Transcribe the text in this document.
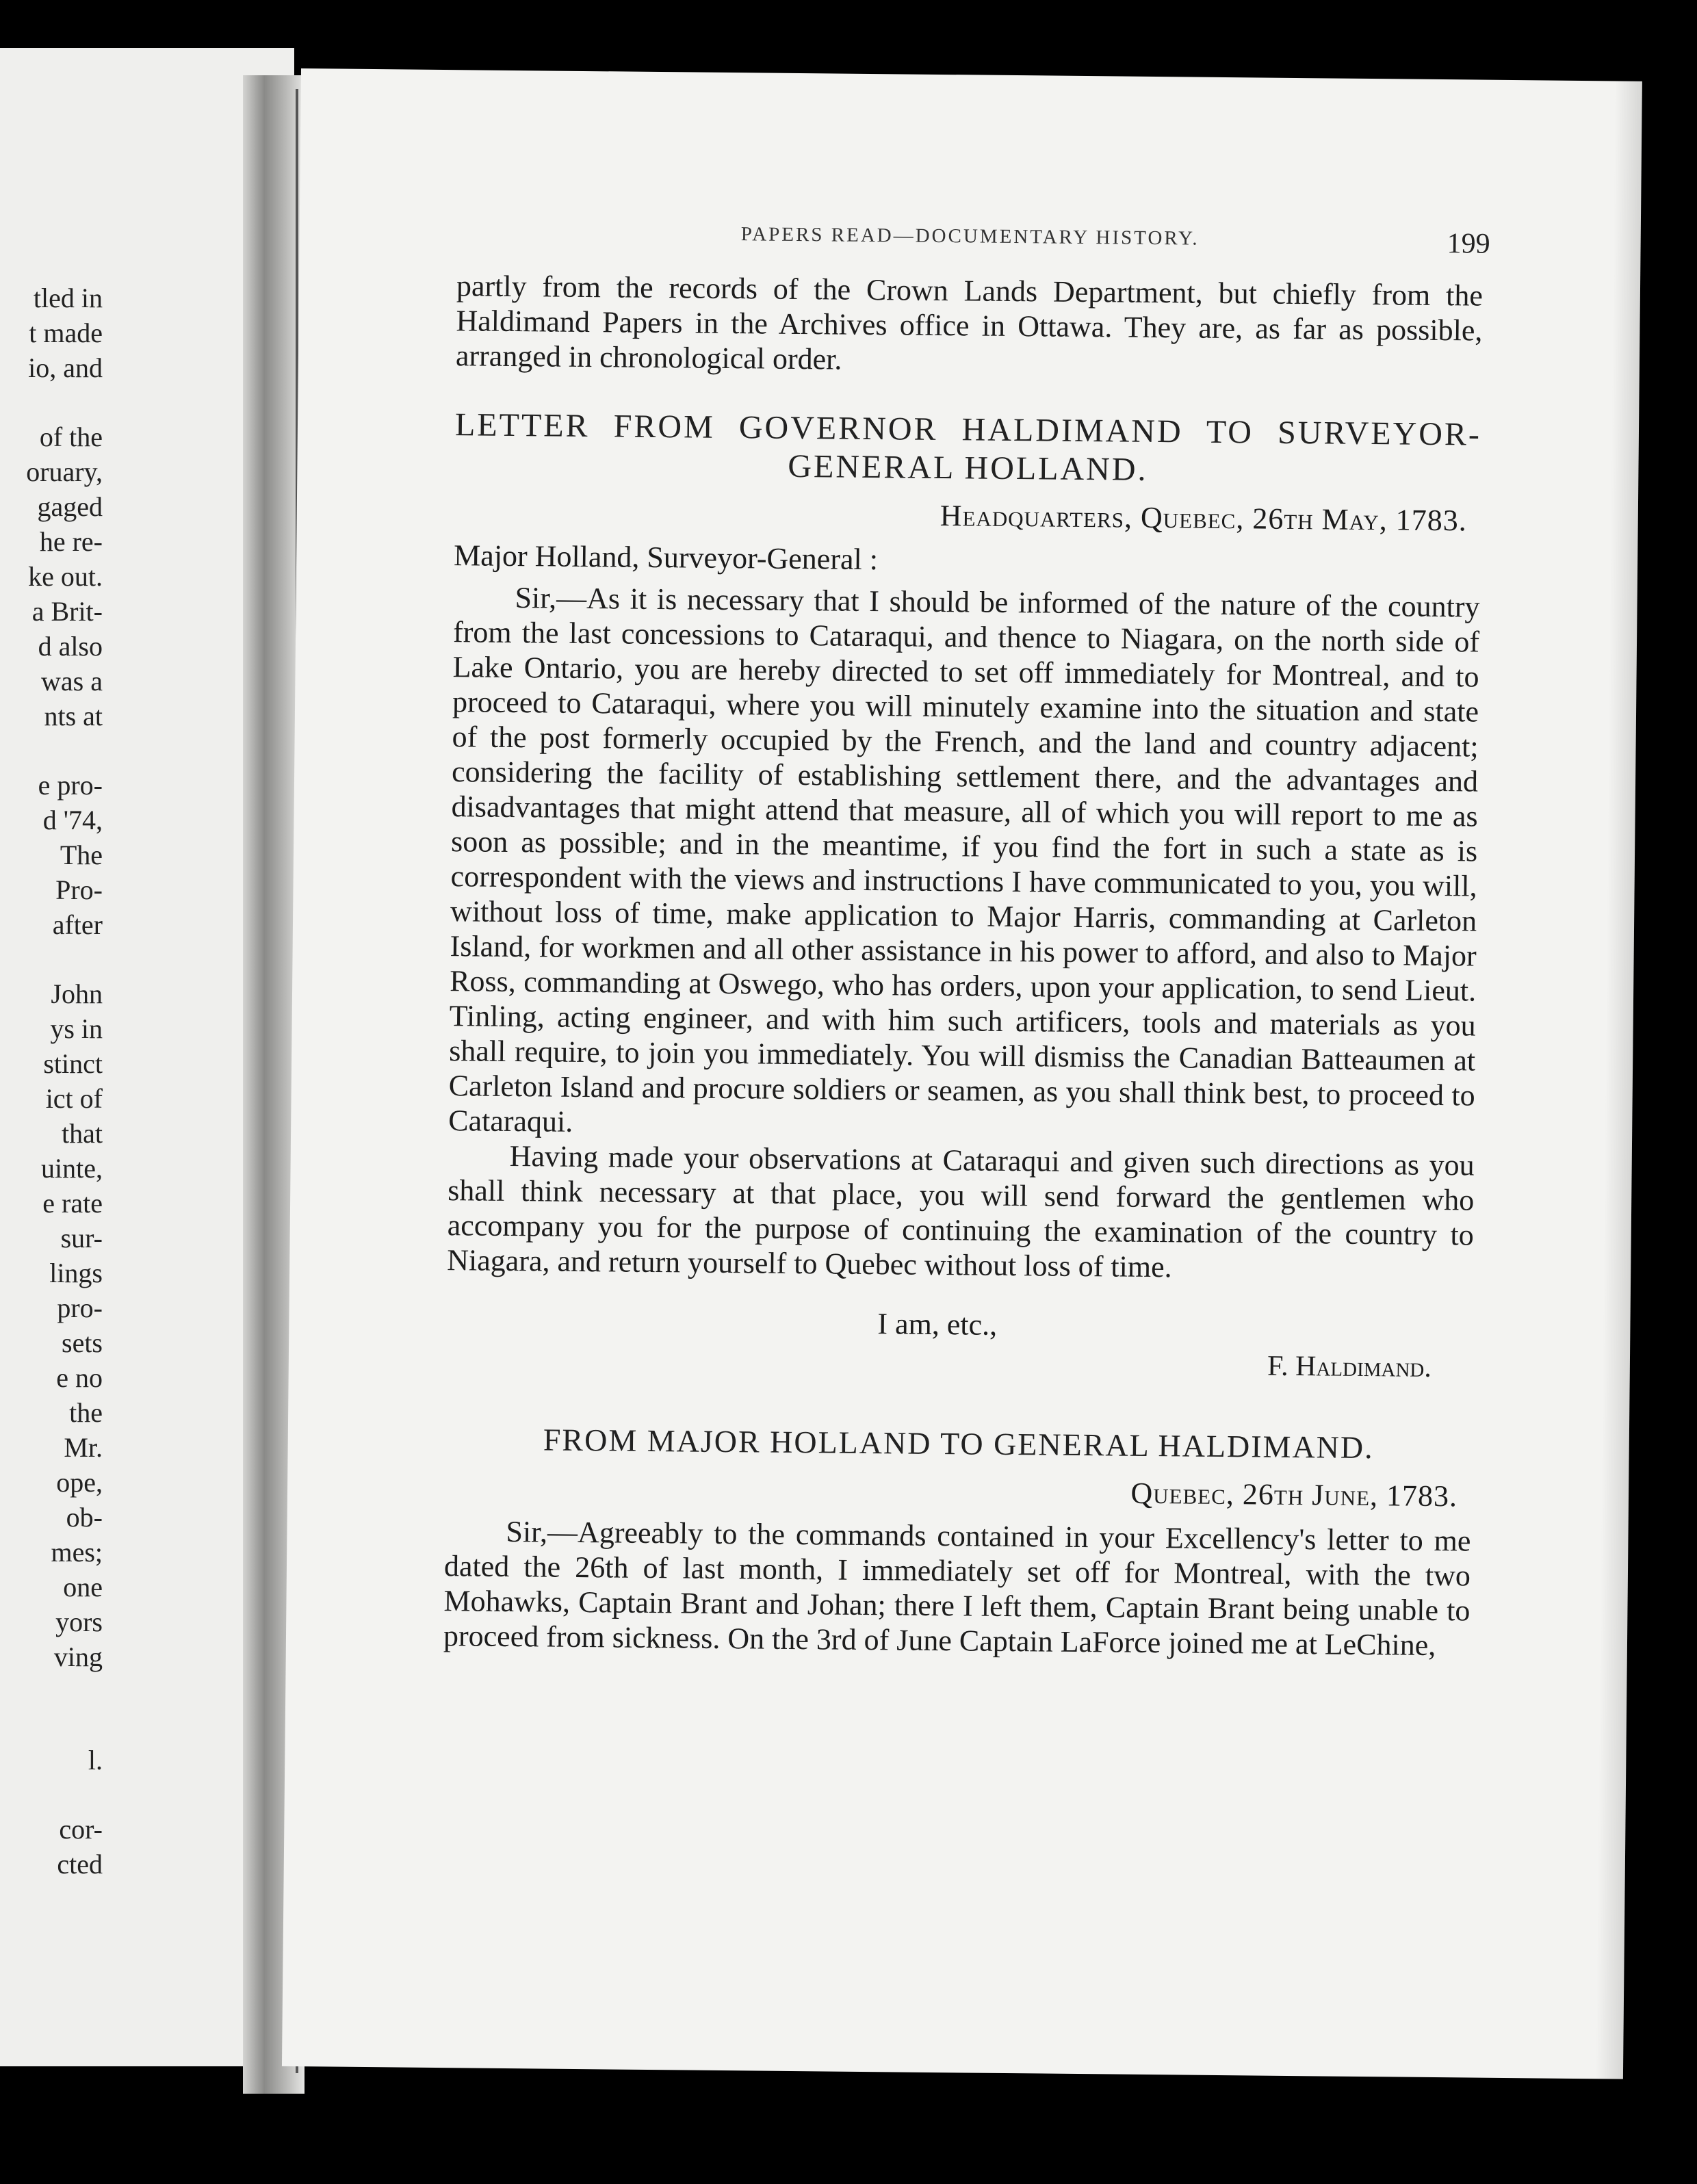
tled in
t made
io, and
of the
oruary,
gaged
he re-
ke out.
a Brit-
d also
was a
nts at
e pro-
d '74,
The
Pro-
after
John
ys in
stinct
ict of
that
uinte,
e rate
sur-
lings
pro-
sets
e no
the
Mr.
ope,
ob-
mes;
one
yors
ving
l.
cor-
cted
PAPERS READ—DOCUMENTARY HISTORY.	199

partly from the records of the Crown Lands Department, but chiefly from the Haldimand Papers in the Archives office in Ottawa. They are, as far as possible, arranged in chronological order.

LETTER FROM GOVERNOR HALDIMAND TO SURVEYOR-GENERAL HOLLAND.

Headquarters, Quebec, 26th May, 1783.

Major Holland, Surveyor-General :

Sir,—As it is necessary that I should be informed of the nature of the country from the last concessions to Cataraqui, and thence to Niagara, on the north side of Lake Ontario, you are hereby directed to set off immediately for Montreal, and to proceed to Cataraqui, where you will minutely examine into the situation and state of the post formerly occupied by the French, and the land and country adjacent; considering the facility of establishing settlement there, and the advantages and disadvantages that might attend that measure, all of which you will report to me as soon as possible; and in the meantime, if you find the fort in such a state as is correspondent with the views and instructions I have communicated to you, you will, without loss of time, make application to Major Harris, commanding at Carleton Island, for workmen and all other assistance in his power to afford, and also to Major Ross, commanding at Oswego, who has orders, upon your application, to send Lieut. Tinling, acting engineer, and with him such artificers, tools and materials as you shall require, to join you immediately. You will dismiss the Canadian Batteaumen at Carleton Island and procure soldiers or seamen, as you shall think best, to proceed to Cataraqui.

Having made your observations at Cataraqui and given such directions as you shall think necessary at that place, you will send forward the gentlemen who accompany you for the purpose of continuing the examination of the country to Niagara, and return yourself to Quebec without loss of time.

I am, etc.,

F. Haldimand.

FROM MAJOR HOLLAND TO GENERAL HALDIMAND.

Quebec, 26th June, 1783.

Sir,—Agreeably to the commands contained in your Excellency's letter to me dated the 26th of last month, I immediately set off for Montreal, with the two Mohawks, Captain Brant and Johan; there I left them, Captain Brant being unable to proceed from sickness. On the 3rd of June Captain LaForce joined me at LeChine,
